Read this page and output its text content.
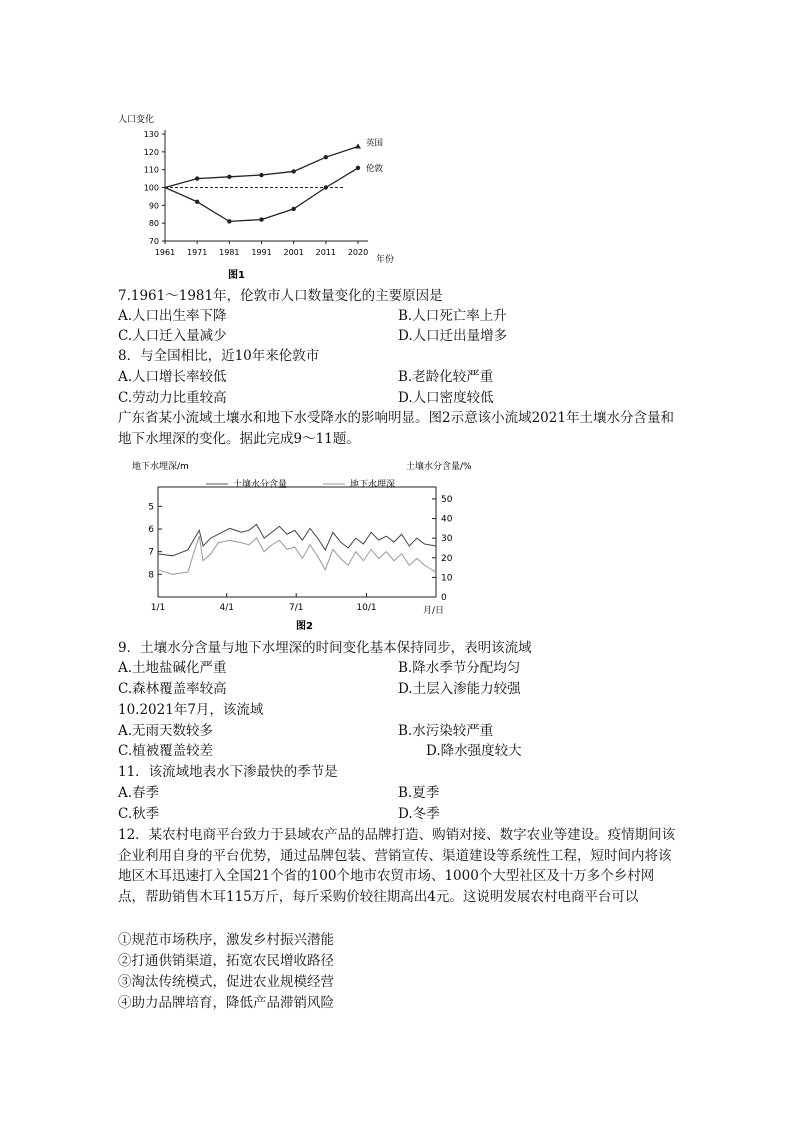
人口变化
年份
图1
70
80
90
100
110
120
130
1961 1971 1981 1991 2001 2011 2020
英国
伦敦
7.1961～1981年，伦敦市人口数量变化的主要原因是
A.人口出生率下降	B.人口死亡率上升
C.人口迁入量减少	D.人口迁出量增多
8．与全国相比，近10年来伦敦市
A.人口增长率较低	B.老龄化较严重
C.劳动力比重较高	D.人口密度较低
广东省某小流域土壤水和地下水受降水的影响明显。图2示意该小流域2021年土壤水分含量和地下水埋深的变化。据此完成9～11题。
地下水埋深/m	土壤水分含量/%
土壤水分含量	地下水埋深
月/日
图2
5
6
7
8
0
10
20
30
40
50
1/1	4/1	7/1	10/1
9．土壤水分含量与地下水埋深的时间变化基本保持同步，表明该流域
A.土地盐碱化严重	B.降水季节分配均匀
C.森林覆盖率较高	D.土层入渗能力较强
10.2021年7月，该流域
A.无雨天数较多	B.水污染较严重
C.植被覆盖较差	D.降水强度较大
11．该流域地表水下渗最快的季节是
A.春季	B.夏季
C.秋季	D.冬季
12．某农村电商平台致力于县域农产品的品牌打造、购销对接、数字农业等建设。疫情期间该企业利用自身的平台优势，通过品牌包装、营销宣传、渠道建设等系统性工程，短时间内将该地区木耳迅速打入全国21个省的100个地市农贸市场、1000个大型社区及十万多个乡村网点，帮助销售木耳115万斤，每斤采购价较往期高出4元。这说明发展农村电商平台可以
①规范市场秩序，激发乡村振兴潜能
②打通供销渠道，拓宽农民增收路径
③淘汰传统模式，促进农业规模经营
④助力品牌培育，降低产品滞销风险
